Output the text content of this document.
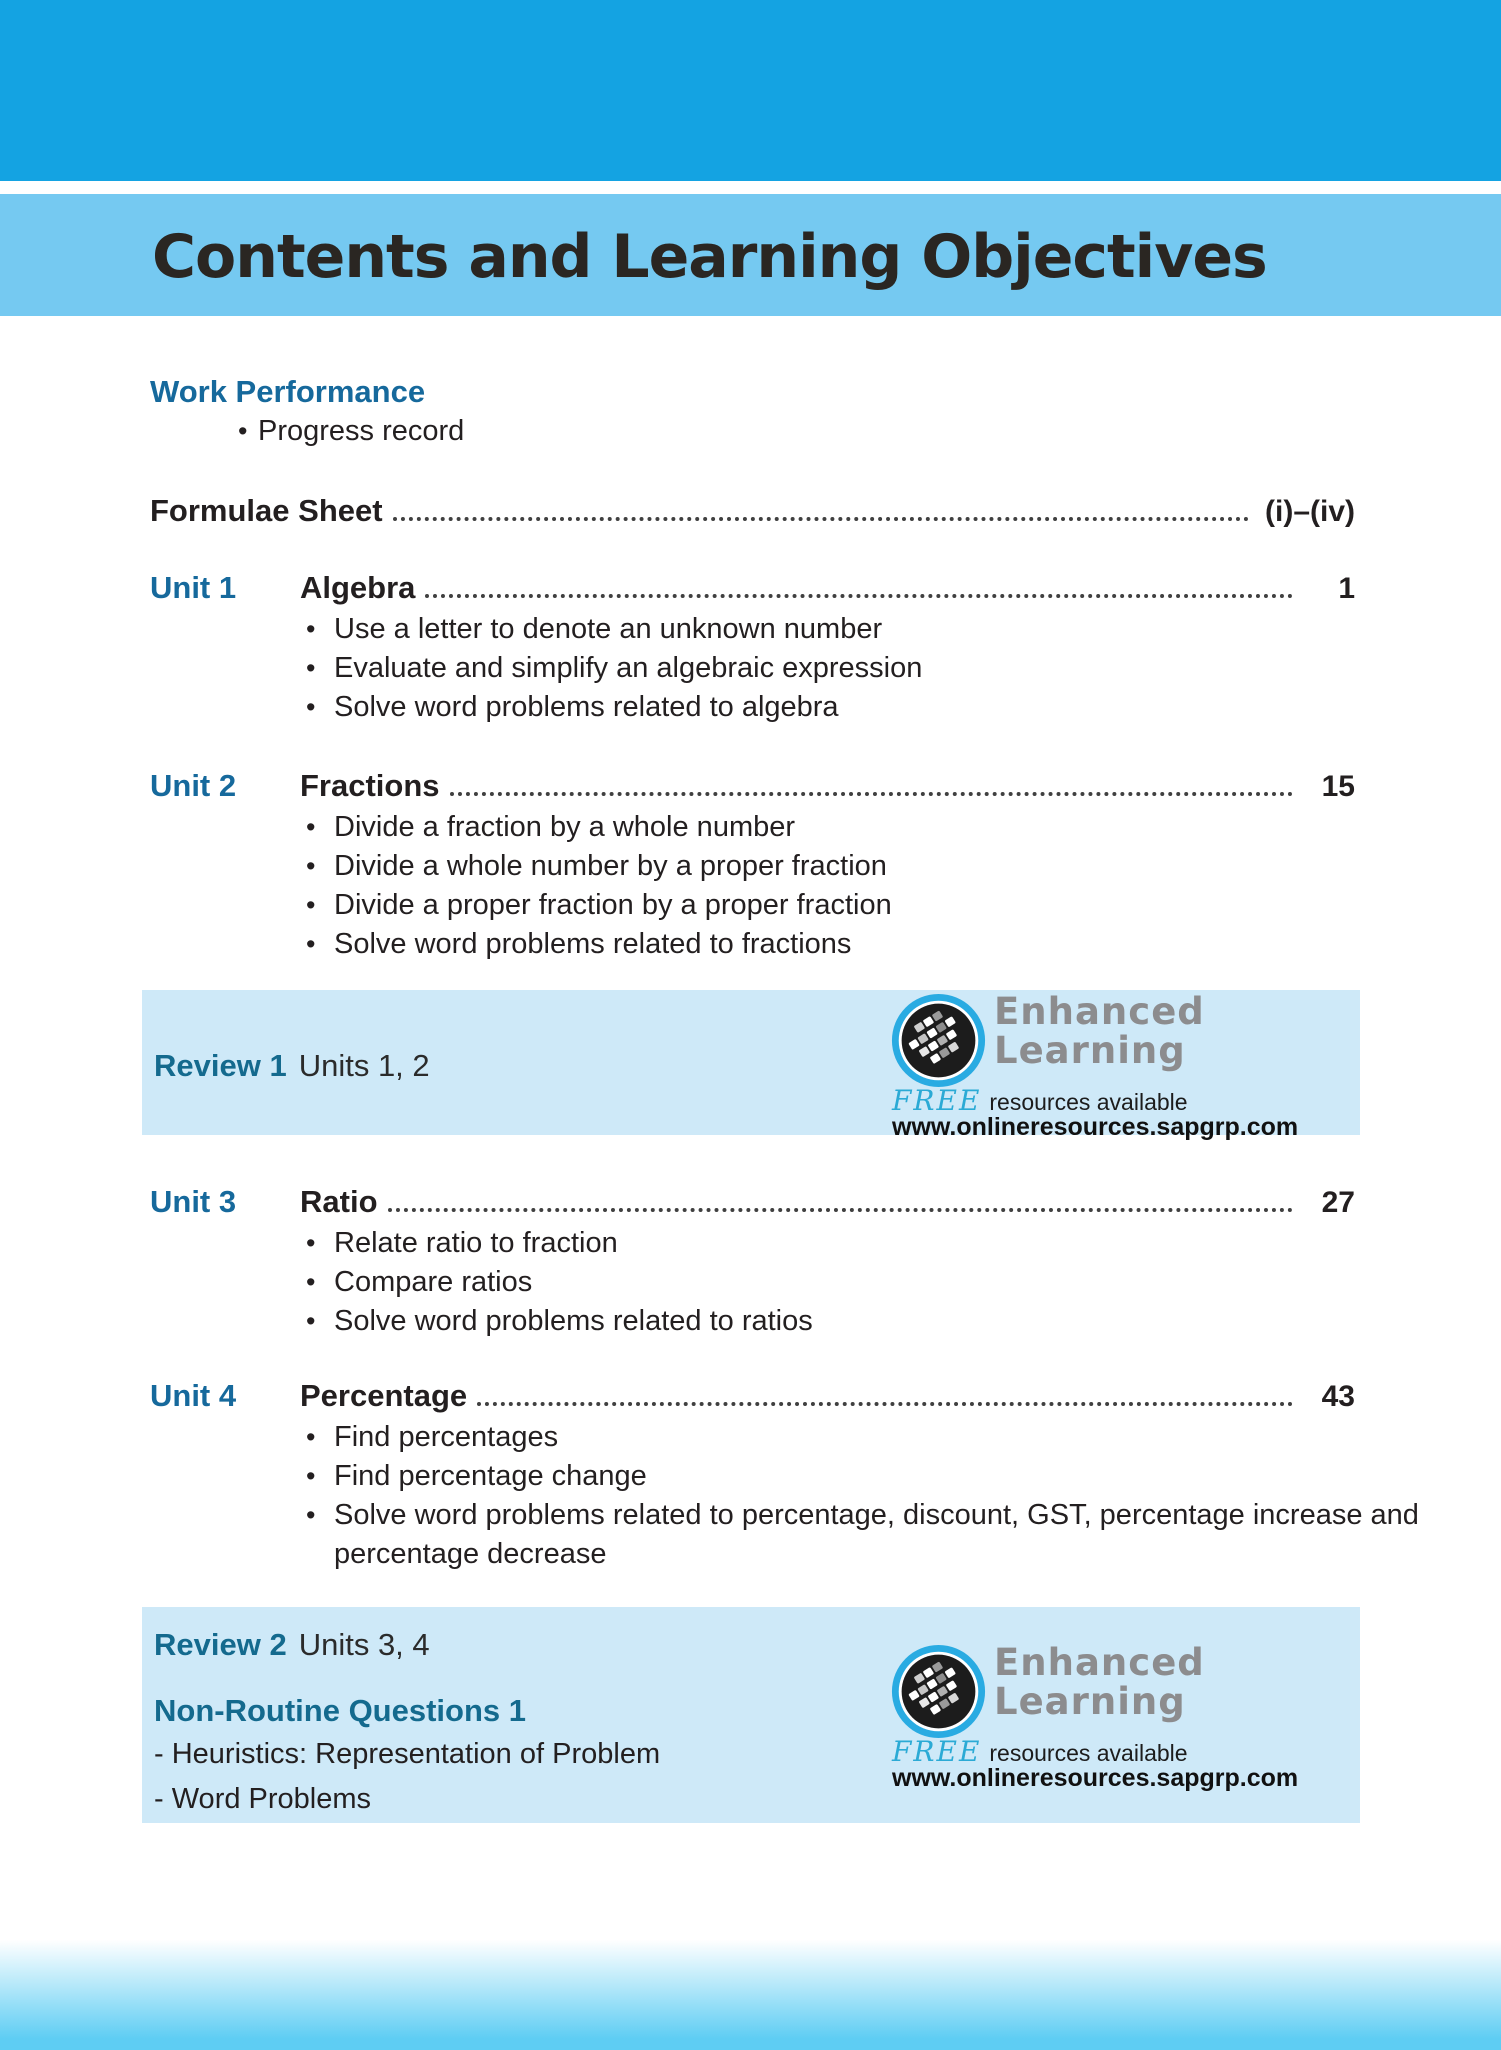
Contents and Learning Objectives
Work Performance
• Progress record
Formulae Sheet	(i)–(iv)
Unit 1	Algebra	1
• Use a letter to denote an unknown number
• Evaluate and simplify an algebraic expression
• Solve word problems related to algebra
Unit 2	Fractions	15
• Divide a fraction by a whole number
• Divide a whole number by a proper fraction
• Divide a proper fraction by a proper fraction
• Solve word problems related to fractions
Review 1 Units 1, 2
Enhanced
Learning
FREE resources available
www.onlineresources.sapgrp.com
Unit 3	Ratio	27
• Relate ratio to fraction
• Compare ratios
• Solve word problems related to ratios
Unit 4	Percentage	43
• Find percentages
• Find percentage change
• Solve word problems related to percentage, discount, GST, percentage increase and percentage decrease
Review 2 Units 3, 4
Non-Routine Questions 1
- Heuristics: Representation of Problem
- Word Problems
Enhanced
Learning
FREE resources available
www.onlineresources.sapgrp.com
